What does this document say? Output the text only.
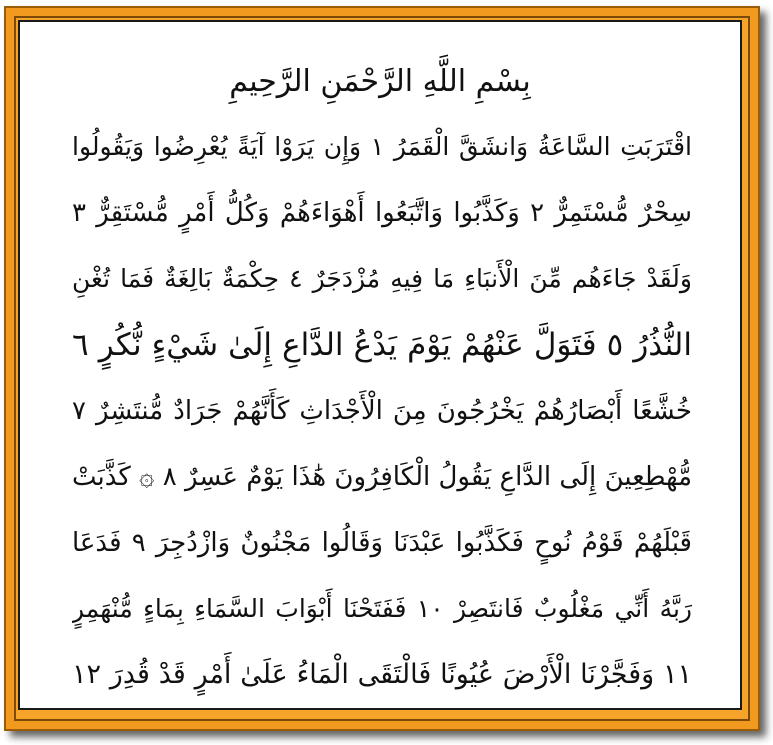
بِسْمِ اللَّهِ الرَّحْمَنِ الرَّحِيمِ
اقْتَرَبَتِ السَّاعَةُ وَانشَقَّ الْقَمَرُ ١ وَإِن يَرَوْا آيَةً يُعْرِضُوا وَيَقُولُوا
سِحْرٌ مُّسْتَمِرٌّ ٢ وَكَذَّبُوا وَاتَّبَعُوا أَهْوَاءَهُمْ وَكُلُّ أَمْرٍ مُّسْتَقِرٌّ ٣
وَلَقَدْ جَاءَهُم مِّنَ الْأَنبَاءِ مَا فِيهِ مُزْدَجَرٌ ٤ حِكْمَةٌ بَالِغَةٌ فَمَا تُغْنِ
النُّذُرُ ٥ فَتَوَلَّ عَنْهُمْ يَوْمَ يَدْعُ الدَّاعِ إِلَىٰ شَيْءٍ نُّكُرٍ ٦
خُشَّعًا أَبْصَارُهُمْ يَخْرُجُونَ مِنَ الْأَجْدَاثِ كَأَنَّهُمْ جَرَادٌ مُّنتَشِرٌ ٧
مُّهْطِعِينَ إِلَى الدَّاعِ يَقُولُ الْكَافِرُونَ هَٰذَا يَوْمٌ عَسِرٌ ٨ ۞ كَذَّبَتْ
قَبْلَهُمْ قَوْمُ نُوحٍ فَكَذَّبُوا عَبْدَنَا وَقَالُوا مَجْنُونٌ وَازْدُجِرَ ٩ فَدَعَا
رَبَّهُ أَنِّي مَغْلُوبٌ فَانتَصِرْ ١٠ فَفَتَحْنَا أَبْوَابَ السَّمَاءِ بِمَاءٍ مُّنْهَمِرٍ
١١ وَفَجَّرْنَا الْأَرْضَ عُيُونًا فَالْتَقَى الْمَاءُ عَلَىٰ أَمْرٍ قَدْ قُدِرَ ١٢
